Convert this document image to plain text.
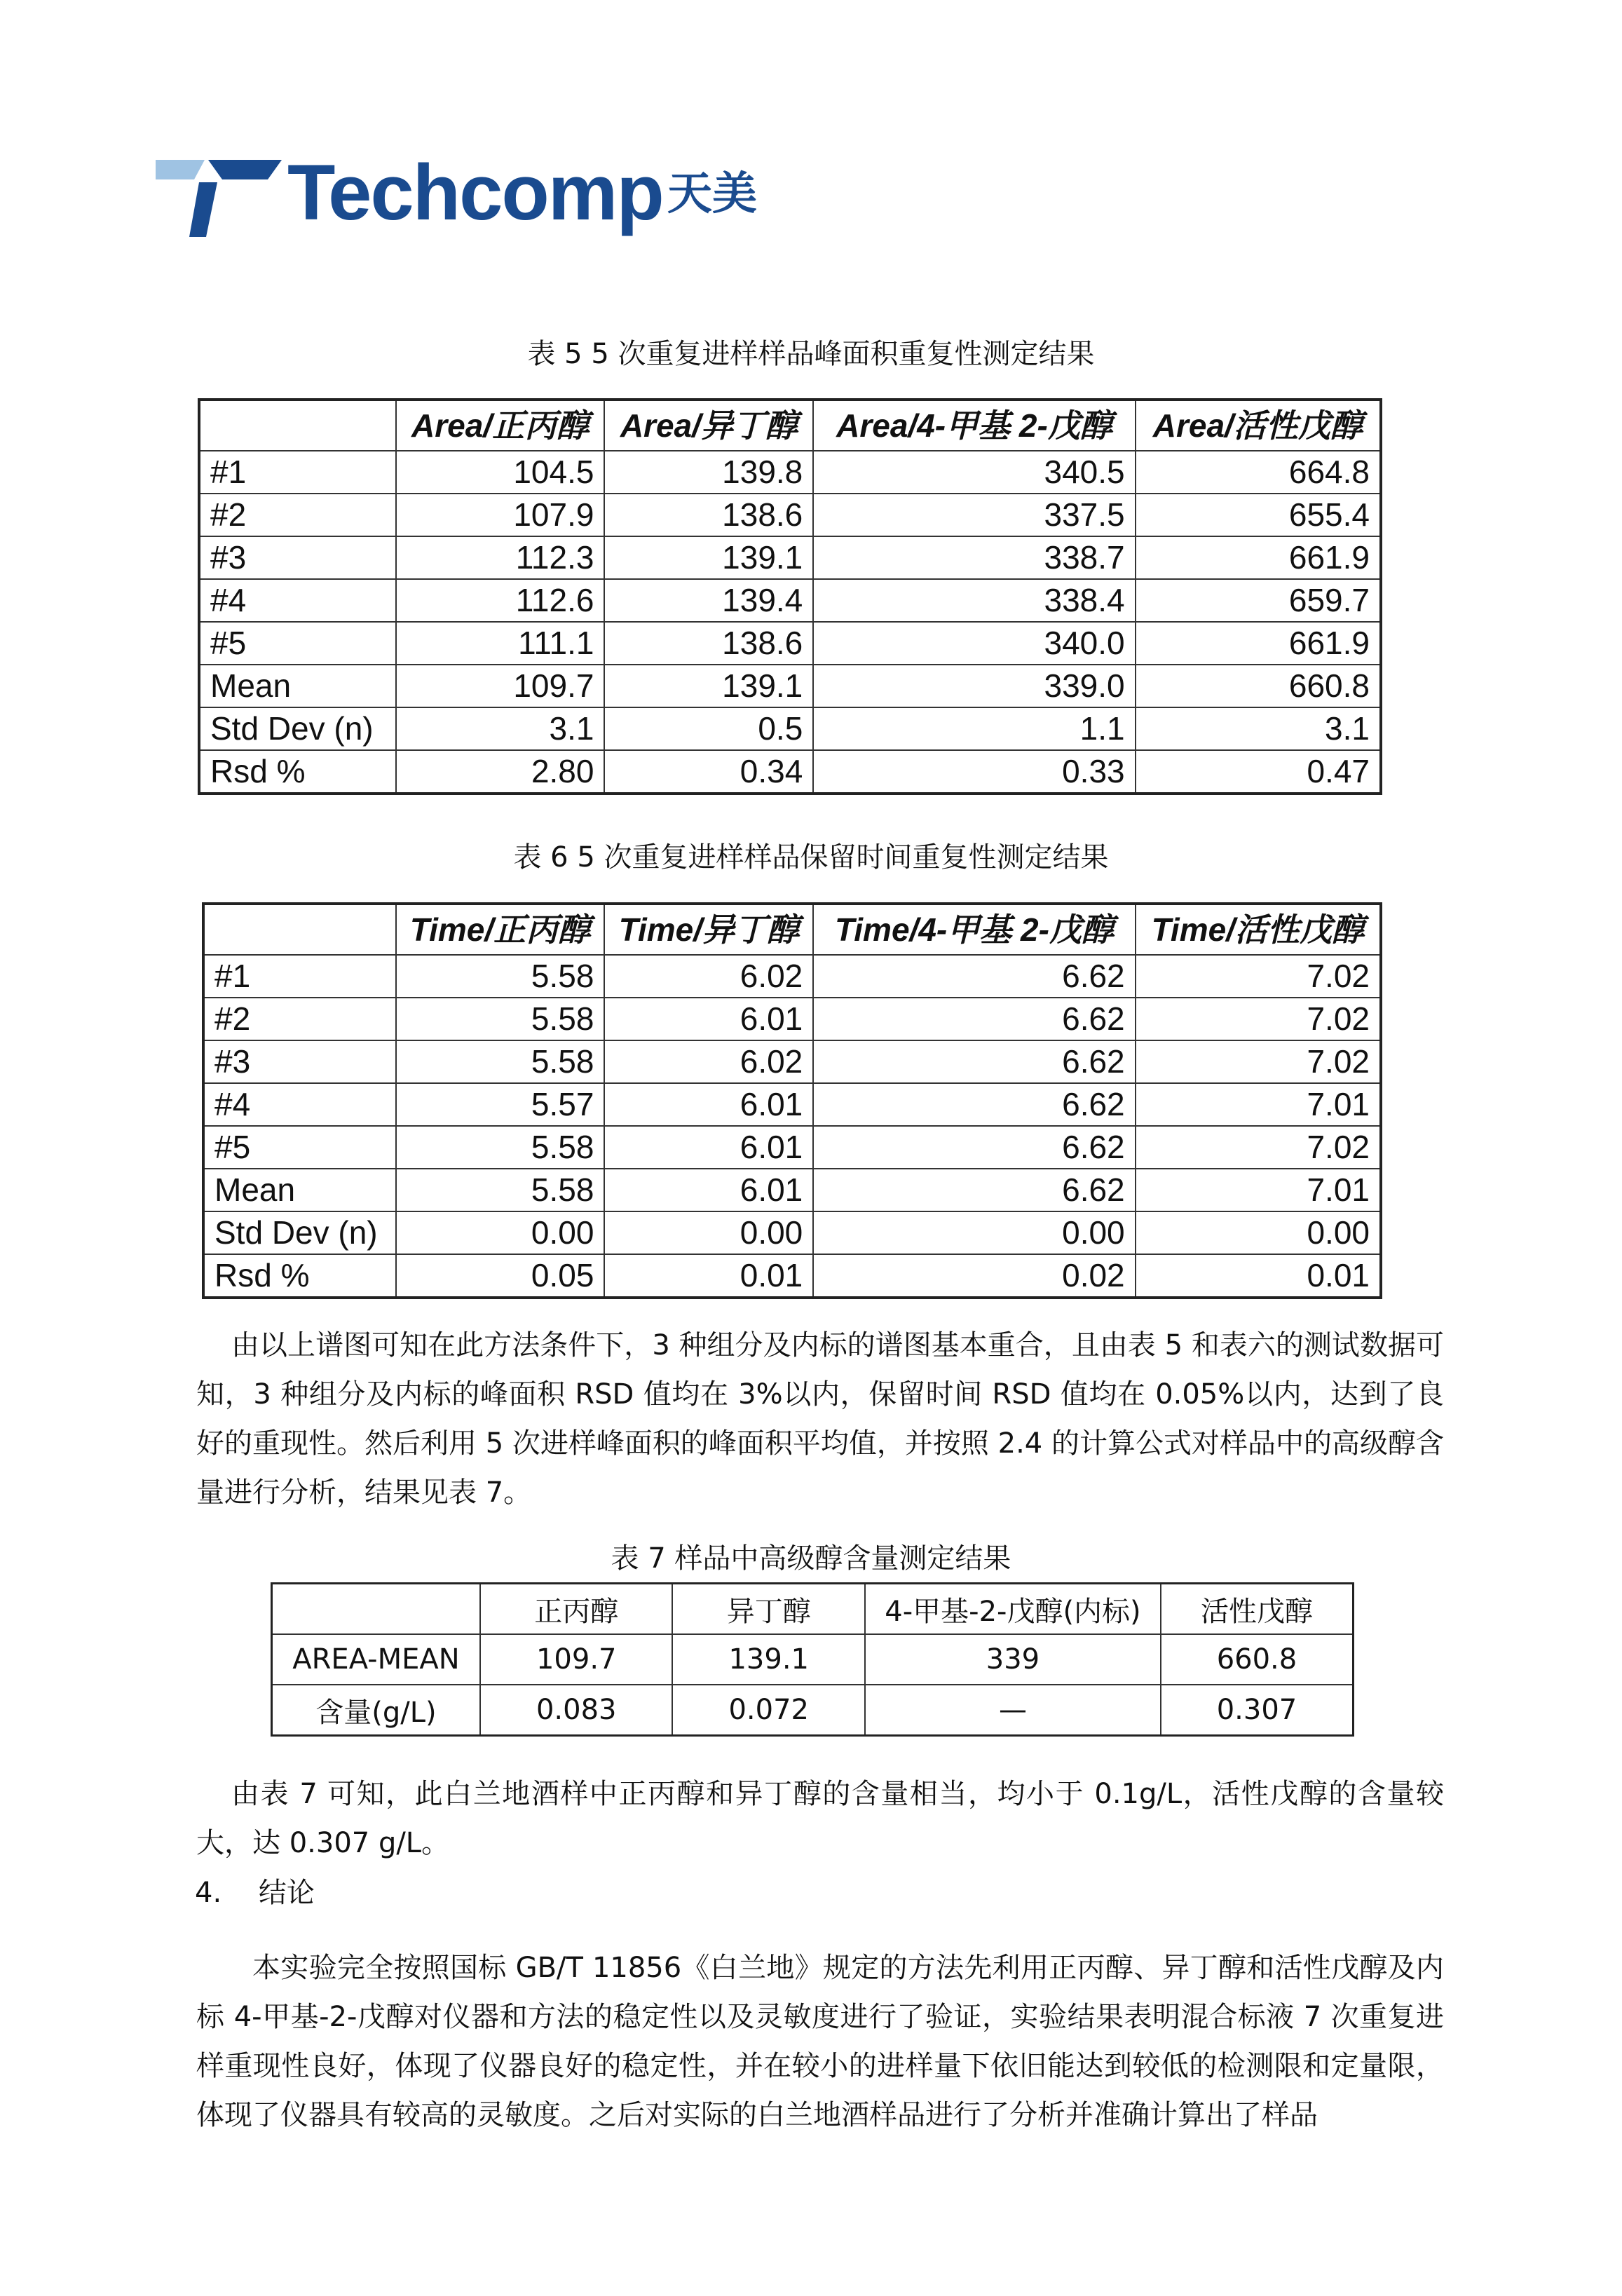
Techcomp 天美
表 5 5 次重复进样样品峰面积重复性测定结果
	Area/正丙醇	Area/异丁醇	Area/4-甲基 2-戊醇	Area/活性戊醇
#1	104.5	139.8	340.5	664.8
#2	107.9	138.6	337.5	655.4
#3	112.3	139.1	338.7	661.9
#4	112.6	139.4	338.4	659.7
#5	111.1	138.6	340.0	661.9
Mean	109.7	139.1	339.0	660.8
Std Dev (n)	3.1	0.5	1.1	3.1
Rsd %	2.80	0.34	0.33	0.47
表 6 5 次重复进样样品保留时间重复性测定结果
	Time/正丙醇	Time/异丁醇	Time/4-甲基 2-戊醇	Time/活性戊醇
#1	5.58	6.02	6.62	7.02
#2	5.58	6.01	6.62	7.02
#3	5.58	6.02	6.62	7.02
#4	5.57	6.01	6.62	7.01
#5	5.58	6.01	6.62	7.02
Mean	5.58	6.01	6.62	7.01
Std Dev (n)	0.00	0.00	0.00	0.00
Rsd %	0.05	0.01	0.02	0.01
由以上谱图可知在此方法条件下，3 种组分及内标的谱图基本重合，且由表 5 和表六的测试数据可知，3 种组分及内标的峰面积 RSD 值均在 3%以内，保留时间 RSD 值均在 0.05%以内，达到了良好的重现性。然后利用 5 次进样峰面积的峰面积平均值，并按照 2.4 的计算公式对样品中的高级醇含量进行分析，结果见表 7。
表 7 样品中高级醇含量测定结果
	正丙醇	异丁醇	4-甲基-2-戊醇(内标)	活性戊醇
AREA-MEAN	109.7	139.1	339	660.8
含量(g/L)	0.083	0.072	—	0.307
由表 7 可知，此白兰地酒样中正丙醇和异丁醇的含量相当，均小于 0.1g/L，活性戊醇的含量较大，达 0.307 g/L。
4. 结论
本实验完全按照国标 GB/T 11856《白兰地》规定的方法先利用正丙醇、异丁醇和活性戊醇及内标 4-甲基-2-戊醇对仪器和方法的稳定性以及灵敏度进行了验证，实验结果表明混合标液 7 次重复进样重现性良好，体现了仪器良好的稳定性，并在较小的进样量下依旧能达到较低的检测限和定量限，体现了仪器具有较高的灵敏度。之后对实际的白兰地酒样品进行了分析并准确计算出了样品
